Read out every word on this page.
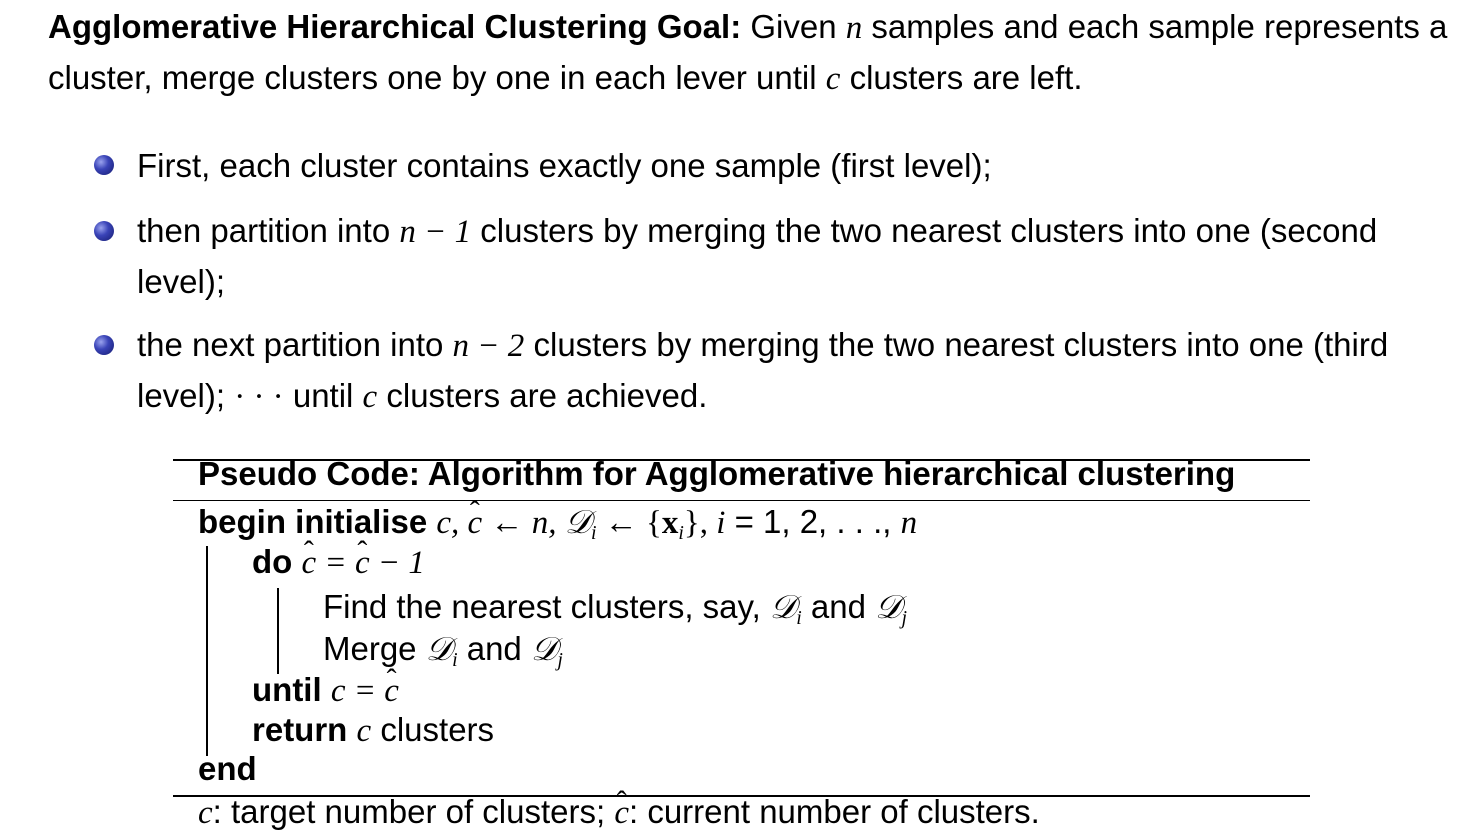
Agglomerative Hierarchical Clustering Goal: Given n samples and each sample represents a cluster, merge clusters one by one in each lever until c clusters are left.
First, each cluster contains exactly one sample (first level);
then partition into n − 1 clusters by merging the two nearest clusters into one (second level);
the next partition into n − 2 clusters by merging the two nearest clusters into one (third level); · · · until c clusters are achieved.
Pseudo Code: Algorithm for Agglomerative hierarchical clustering
begin initialise c, ˆ c ← n, 𝒟$_i$ ← $\{x_i\}$, i = 1, 2, . . ., n
do ˆ c = ˆ c − 1
Find the nearest clusters, say, 𝒟$_i$ and 𝒟$_j$
Merge 𝒟$_i$ and 𝒟$_j$
until c = ˆ c
return c clusters
end
c: target number of clusters; ˆ c: current number of clusters.
